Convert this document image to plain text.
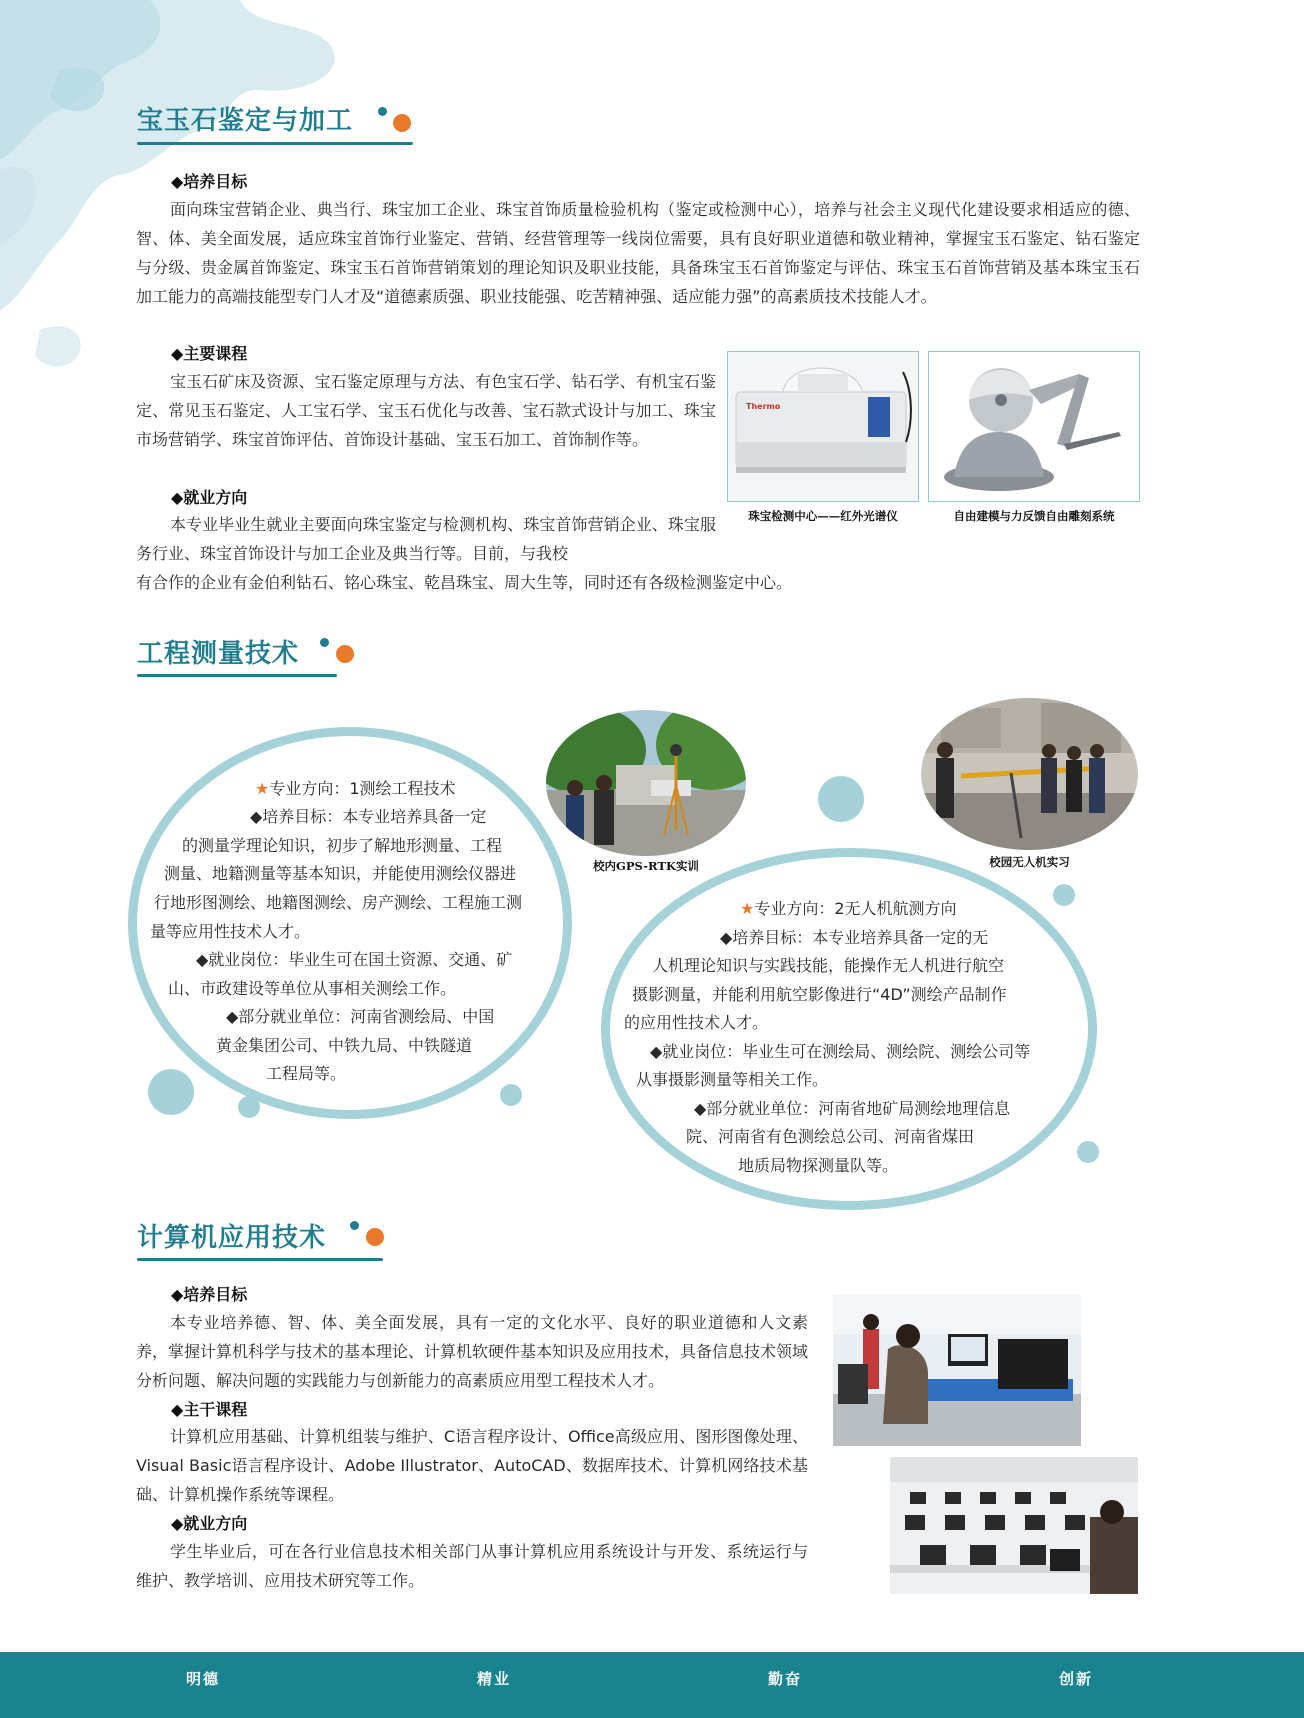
宝玉石鉴定与加工
◆培养目标
面向珠宝营销企业、典当行、珠宝加工企业、珠宝首饰质量检验机构（鉴定或检测中心），培养与社会主义现代化建设要求相适应的德、智、体、美全面发展，适应珠宝首饰行业鉴定、营销、经营管理等一线岗位需要，具有良好职业道德和敬业精神，掌握宝玉石鉴定、钻石鉴定与分级、贵金属首饰鉴定、珠宝玉石首饰营销策划的理论知识及职业技能，具备珠宝玉石首饰鉴定与评估、珠宝玉石首饰营销及基本珠宝玉石加工能力的高端技能型专门人才及“道德素质强、职业技能强、吃苦精神强、适应能力强”的高素质技术技能人才。
◆主要课程
宝玉石矿床及资源、宝石鉴定原理与方法、有色宝石学、钻石学、有机宝石鉴定、常见玉石鉴定、人工宝石学、宝玉石优化与改善、宝石款式设计与加工、珠宝市场营销学、珠宝首饰评估、首饰设计基础、宝玉石加工、首饰制作等。
◆就业方向
本专业毕业生就业主要面向珠宝鉴定与检测机构、珠宝首饰营销企业、珠宝服务行业、珠宝首饰设计与加工企业及典当行等。目前，与我校
有合作的企业有金伯利钻石、铭心珠宝、乾昌珠宝、周大生等，同时还有各级检测鉴定中心。
Thermo
珠宝检测中心——红外光谱仪	自由建模与力反馈自由雕刻系统
工程测量技术
校内GPS-RTK实训	校园无人机实习
★专业方向：1测绘工程技术
◆培养目标：本专业培养具备一定
的测量学理论知识，初步了解地形测量、工程
测量、地籍测量等基本知识，并能使用测绘仪器进
行地形图测绘、地籍图测绘、房产测绘、工程施工测
量等应用性技术人才。
◆就业岗位：毕业生可在国土资源、交通、矿
山、市政建设等单位从事相关测绘工作。
◆部分就业单位：河南省测绘局、中国
黄金集团公司、中铁九局、中铁隧道
工程局等。
★专业方向：2无人机航测方向
◆培养目标：本专业培养具备一定的无
人机理论知识与实践技能，能操作无人机进行航空
摄影测量，并能利用航空影像进行“4D”测绘产品制作
的应用性技术人才。
◆就业岗位：毕业生可在测绘局、测绘院、测绘公司等
从事摄影测量等相关工作。
◆部分就业单位：河南省地矿局测绘地理信息
院、河南省有色测绘总公司、河南省煤田
地质局物探测量队等。
计算机应用技术
◆培养目标
本专业培养德、智、体、美全面发展，具有一定的文化水平、良好的职业道德和人文素养，掌握计算机科学与技术的基本理论、计算机软硬件基本知识及应用技术，具备信息技术领域分析问题、解决问题的实践能力与创新能力的高素质应用型工程技术人才。
◆主干课程
计算机应用基础、计算机组装与维护、C语言程序设计、Office高级应用、图形图像处理、Visual Basic语言程序设计、Adobe Illustrator、AutoCAD、数据库技术、计算机网络技术基础、计算机操作系统等课程。
◆就业方向
学生毕业后，可在各行业信息技术相关部门从事计算机应用系统设计与开发、系统运行与维护、教学培训、应用技术研究等工作。
明德	精业	勤奋	创新
